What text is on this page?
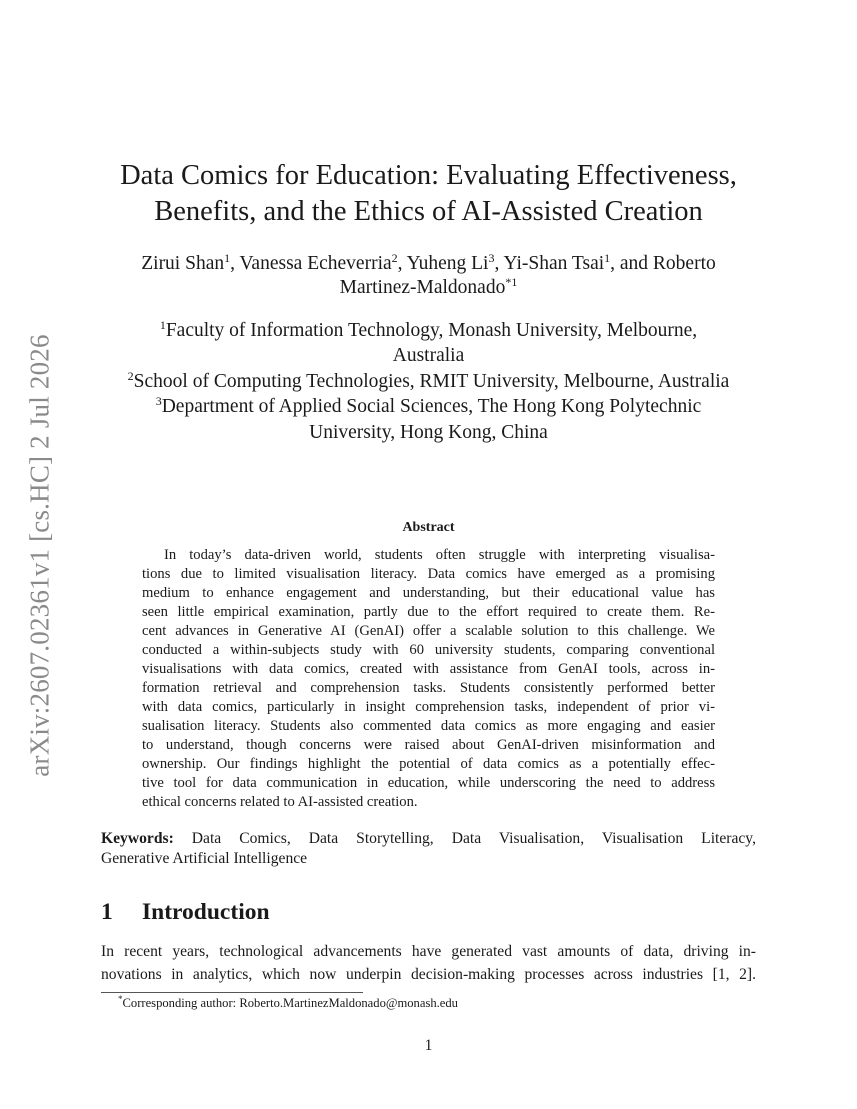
arXiv:2607.02361v1 [cs.HC] 2 Jul 2026
Data Comics for Education: Evaluating Effectiveness,
Benefits, and the Ethics of AI-Assisted Creation
Zirui Shan$^1$, Vanessa Echeverria$^2$, Yuheng Li$^3$, Yi-Shan Tsai$^1$, and Roberto
Martinez-Maldonado$^{*1}$
$^1$Faculty of Information Technology, Monash University, Melbourne,
Australia
$^2$School of Computing Technologies, RMIT University, Melbourne, Australia
$^3$Department of Applied Social Sciences, The Hong Kong Polytechnic
University, Hong Kong, China
Abstract
In today’s data-driven world, students often struggle with interpreting visualisa-
tions due to limited visualisation literacy. Data comics have emerged as a promising
medium to enhance engagement and understanding, but their educational value has
seen little empirical examination, partly due to the effort required to create them. Re-
cent advances in Generative AI (GenAI) offer a scalable solution to this challenge. We
conducted a within-subjects study with 60 university students, comparing conventional
visualisations with data comics, created with assistance from GenAI tools, across in-
formation retrieval and comprehension tasks. Students consistently performed better
with data comics, particularly in insight comprehension tasks, independent of prior vi-
sualisation literacy. Students also commented data comics as more engaging and easier
to understand, though concerns were raised about GenAI-driven misinformation and
ownership. Our findings highlight the potential of data comics as a potentially effec-
tive tool for data communication in education, while underscoring the need to address
ethical concerns related to AI-assisted creation.
Keywords: Data Comics, Data Storytelling, Data Visualisation, Visualisation Literacy,
Generative Artificial Intelligence
1 Introduction
In recent years, technological advancements have generated vast amounts of data, driving in-
novations in analytics, which now underpin decision-making processes across industries [1, 2].
*Corresponding author: Roberto.MartinezMaldonado@monash.edu
1
